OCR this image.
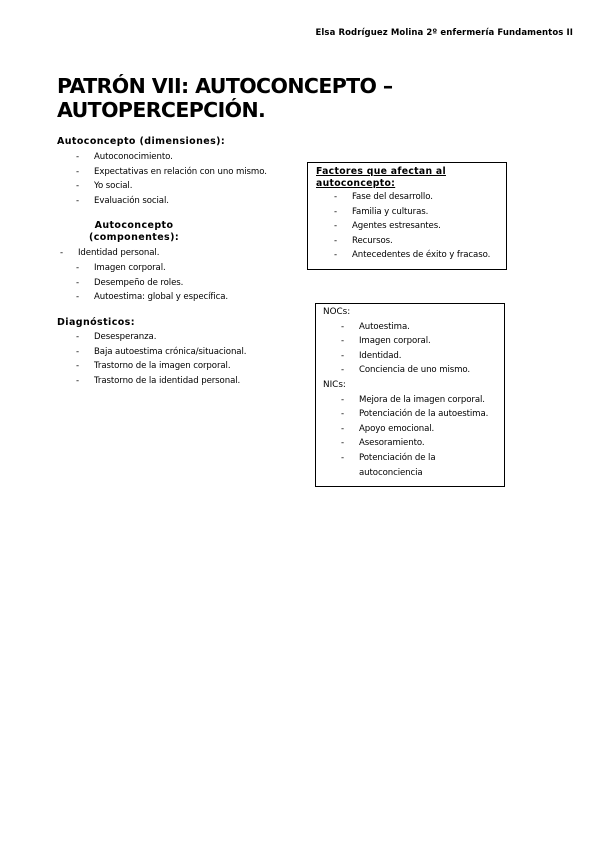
Elsa Rodríguez Molina 2º enfermería Fundamentos II
PATRÓN VII: AUTOCONCEPTO –
AUTOPERCEPCIÓN.
Autoconcepto (dimensiones):
- Autoconocimiento.
- Expectativas en relación con uno mismo.
- Yo social.
- Evaluación social.
Autoconcepto
(componentes):
- Identidad personal.
- Imagen corporal.
- Desempeño de roles.
- Autoestima: global y específica.
Diagnósticos:
- Desesperanza.
- Baja autoestima crónica/situacional.
- Trastorno de la imagen corporal.
- Trastorno de la identidad personal.
Factores que afectan al
autoconcepto:
- Fase del desarrollo.
- Familia y culturas.
- Agentes estresantes.
- Recursos.
- Antecedentes de éxito y fracaso.
NOCs:
- Autoestima.
- Imagen corporal.
- Identidad.
- Conciencia de uno mismo.
NICs:
- Mejora de la imagen corporal.
- Potenciación de la autoestima.
- Apoyo emocional.
- Asesoramiento.
- Potenciación de la
autoconciencia
